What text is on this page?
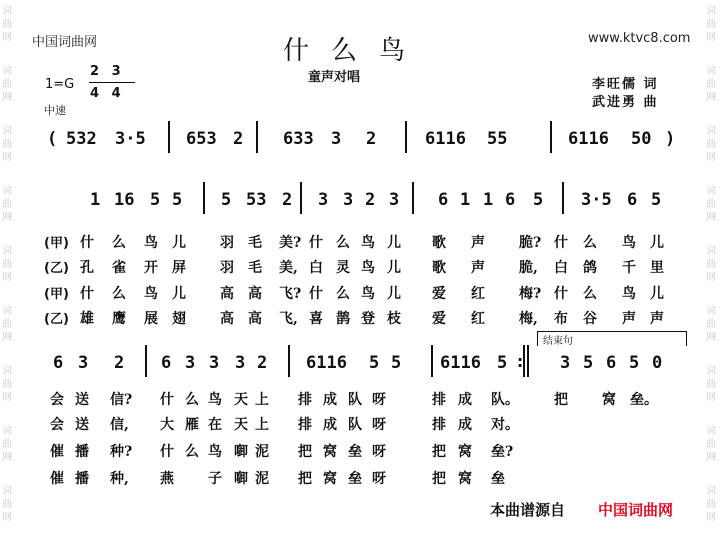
词
曲
网
词
曲
网
词
曲
网
词
曲
网
词
曲
网
词
曲
网
词
曲
网
词
曲
网
词
曲
网
词
曲
网
词
曲
网
词
曲
网
词
曲
网
词
曲
网
词
曲
网
词
曲
网
词
曲
网
词
曲
网
中国词曲网	www.ktvc8.com
什么鸟
童声对唱
1=G
2 3
4 4
中速
李旺儒 词
武进勇 曲
( 532 3·5 653 2 633 3 2	6116 55	6116 50 )
1 16 5 5 5 53 2 3 3 2 3 6 1 1 6 5 3·5 6 5
6 3 2 6 3 3 3 2 6116 5 5 6116 5 : 3 5 6 5 0
结束句
(甲) 什 么 鸟 儿 羽 毛 美? 什 么 鸟 儿 歌 声 脆? 什 么 鸟 儿
(乙) 孔 雀 开 屏 羽 毛 美, 白 灵 鸟 儿 歌 声 脆, 白 鸽 千 里
(甲) 什 么 鸟 儿 高 高 飞? 什 么 鸟 儿 爱 红 梅? 什 么 鸟 儿
(乙) 雄 鹰 展 翅 高 高 飞, 喜 鹊 登 枝 爱 红 梅, 布 谷 声 声
会 送 信? 什 么 鸟 天 上 排 成 队 呀	排 成 队。	把 窝 垒。
会 送 信, 大 雁 在 天 上 排 成 队 呀	排 成 对。
催 播 种? 什 么 鸟 啣 泥 把 窝 垒 呀	把 窝 垒?
催 播 种, 燕 子 啣 泥 把 窝 垒 呀	把 窝 垒
本曲谱源自 中国词曲网
